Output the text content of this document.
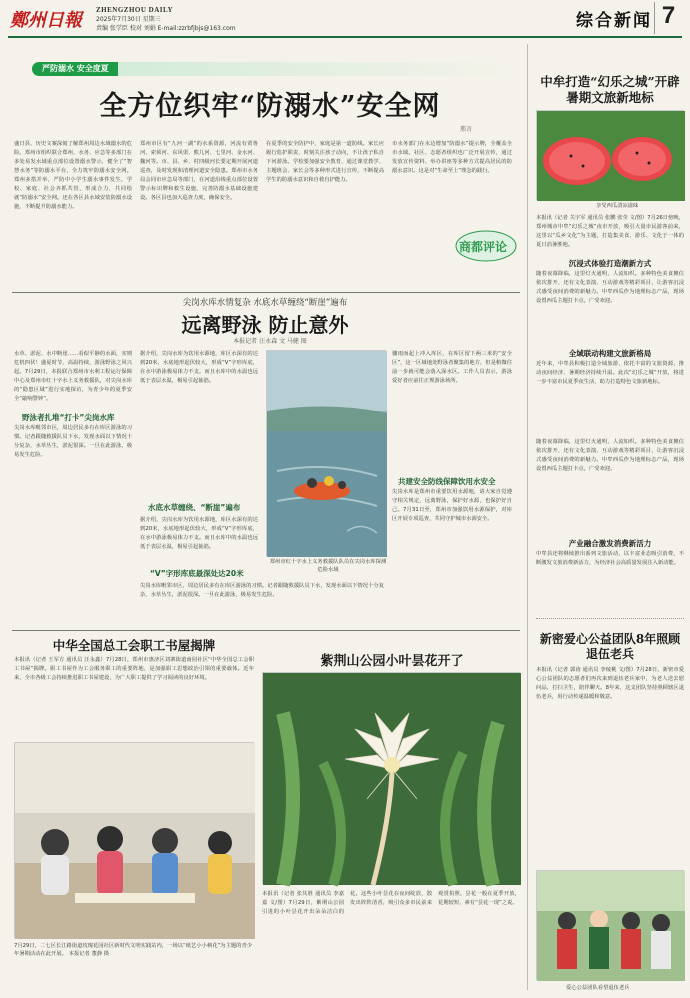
鄭州日報	ZHENGZHOU DAILY
2025年7月30日 星期三
责编 张学臣 校对 刘娟 E-mail:zzrbfjbjs@163.com	综合新闻 7
严防溺水 安全度夏
全方位织牢“防溺水”安全网
邢言
盛日县、历史文案深刻了解郑州周边水域溺水的危险。郑州市组织联合郑州、水务、应急等多部门在多处易发水域重点部位设置溺水警示，健全了“智慧水务”等防溺水平台，全力筑牢防溺水安全网。郑州多措并举，严防中小学生溺水事件发生，学校、家庭、社会齐抓共管，形成合力，共同绘就“防溺水”安全网。还在各区县水域安装防溺水设施，不断提升防溺水能力。
郑州市区有“九河一湖”的水系资源，河流有贾鲁河、索须河、东风渠、熊儿河、七里河、金水河、魏河等。市、县、乡、村四级河长要定期开展河道巡查，及时发现和清理河道安全隐患。郑州市水务局会同市应急局等部门，在河道沿线重点部位设置警示标识牌和救生设施，完善防溺水基础设施建设。各区县也加大巡查力度，确保安全。
在夏季的安全防护中，家庭是第一道防线。家长应履行监护职责，时刻关注孩子动向，不让孩子私自下河游泳。学校要加强安全教育，通过课堂教学、主题班会、家长会等多种形式进行宣传，不断提高学生的防溺水意识和自救自护能力。
市水务部门在水边增加“防溺水”提示牌，全覆盖全市水域。社区、志愿者组织也广泛开展宣传，通过发放宣传资料、举办讲座等多种方式提高居民的防溺水意识。这是对“生命至上”理念的践行。
商都评论
尖岗水库水情复杂 水底水草缠绕“断崖”遍布
远离野泳 防止意外
本报记者 汪永森 文 马健 图
水草、淤泥、水中断崖……看似平静的水面，实则危机四伏！盛夏时节，高温持续，游泳野泳之风兴起。7月29日，本报联合郑州市水利工程运行保障中心及郑州市红十字水上义务救援队，对尖岗水库的“隐患区域”进行实地探访，为青少年的夏季安全“敲响警钟”。
野泳者扎堆“打卡”尖岗水库
尖岗水库毗邻市区，周边居民多有在库区游泳的习惯。记者跟随救援队员下水，发现水面以下情况十分复杂，水草丛生，淤泥很深。一旦在此游泳，极易发生危险。
据介绍，尖岗水库为饮用水源地，库区水深有的达到20米，水底地形起伏较大，形成“V”字形库底，在水中游泳极易体力不支。而且水库中的水温也远低于表层水温，极易引起抽筋。
郑州市红十字水上义务救援队队员在尖岗水库探测危险水域
骤雨而起上冲入库区，在库区留下两三米的“安全区”，这一区域地处野泳者聚集的地方，但是稍微往前一步就可能会落入深水区。工作人员表示，游泳爱好者应前往正规游泳场所。
共建安全防线保障饮用水安全
尖岗水库是郑州市重要饮用水源地，请大家自觉遵守相关规定，远离野泳，保护好水源，也保护好自己。7月31日至，郑州市加强饮用水源保护，对库区开展专项巡查，共同守护城市水源安全。
水底水草缠绕、“断崖”遍布
据介绍，尖岗水库为饮用水源地，库区水深有的达到20米，水底地形起伏较大，形成“V”字形库底，在水中游泳极易体力不支。而且水库中的水温也远低于表层水温，极易引起抽筋。
“V”字形库底最深处达20米
尖岗水库毗邻市区，周边居民多有在库区游泳的习惯。记者跟随救援队员下水，发现水面以下情况十分复杂，水草丛生，淤泥很深。一旦在此游泳，极易发生危险。
中华全国总工会职工书屋揭牌
本报讯（记者 王军方 通讯员 汪永鑫）7月28日，郑州市惠济区刘寨街道南园社区“中华全国总工会职工书屋”揭牌。职工书屋作为工会服务职工的重要阵地，是加强职工思想政治引领的重要载体。近年来，全市各级工会持续推进职工书屋建设，为广大职工提供了学习阅读的良好环境。
7月29日，二七区长江路街道玫瑰花园社区新时代文明实践站内，一场以“纸艺小小秧花”为主题的青少年暑期活动在此开展。 本报记者 董静 摄
紫荆山公园小叶昙花开了
本报讯（记者 张其胜 通讯员 李嘉嘉 文/图）7月29日，紫荆山公园引进的小叶昙花开出朵朵洁白的花。这些小叶昙花在夜间绽放，散发出阵阵清香，吸引众多市民前来观赏拍照。昙花一般在夏季开放，花期较短，素有“昙花一现”之说。
中牟打造“幻乐之城”开辟暑期文旅新地标
享受西瓜清凉滋味
本报讯（记者 关宇军 通讯员 张鹏 张莹 文/图）7月26日傍晚，郑州城市中牟“幻乐之城”夜市开放，吸引大量市民游客前来，这里以“瓜乡文化”为主题，打造集美食、游乐、文化于一体的夏日消暑胜地。
沉浸式体验打造潮新方式
随着夜幕降临，这里灯火通明，人流如织。多种特色美食摊位依次排开，还有文化表演、互动游戏等精彩项目，让游客沉浸式感受夜间消费的新魅力。中牟西瓜作为地理标志产品，现场设置西瓜主题打卡点，广受欢迎。
全域联动构建文旅新格局
近年来，中牟县积极打造全域旅游，依托丰富的文旅资源，推动夜间经济、暑期经济持续升温。此次“幻乐之城”开放，将进一步丰富市民夏季夜生活，助力打造特色文旅新地标。
产业融合激发消费新活力
随着夜幕降临，这里灯火通明，人流如织。多种特色美食摊位依次排开，还有文化表演、互动游戏等精彩项目，让游客沉浸式感受夜间消费的新魅力。中牟西瓜作为地理标志产品，现场设置西瓜主题打卡点，广受欢迎。
中牟县还将继续推出系列文旅活动，以丰富业态吸引消费，不断激发文旅消费新活力，为经济社会高质量发展注入新动能。
新密爱心公益团队8年照顾退伍老兵
本报讯（记者 郭涛 通讯员 李棱桃 文/图）7月28日，新密市爱心公益团队的志愿者们再次来到退伍老兵家中，为老人送去慰问品，打扫卫生，陪伴聊天。8年来，这支团队坚持照顾辖区退伍老兵，用行动传递温暖和敬意。
爱心公益团队看望退伍老兵
